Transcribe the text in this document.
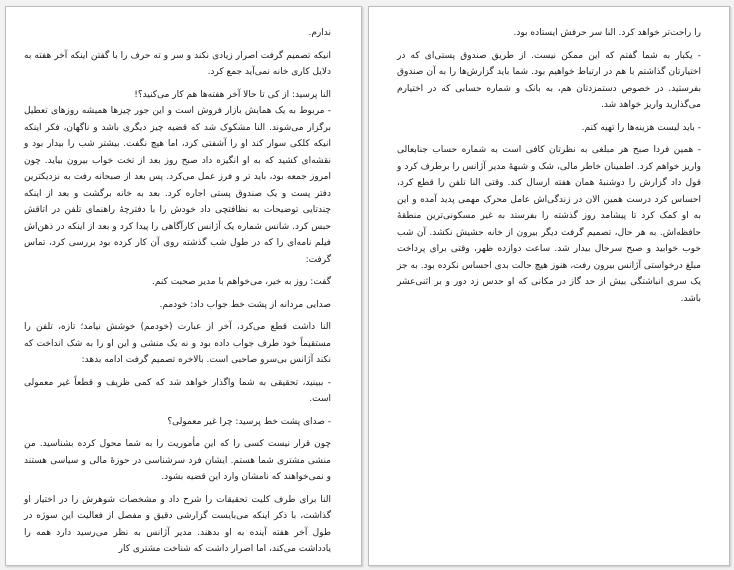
ندارم.

انیکه تصمیم گرفت اصرار زیادی نکند و سر و ته حرف را با گفتن اینکه آخر هفته به دلایل کاری خانه نمی‌آید جمع کرد.

النا پرسید: از کی تا حالا آخر هفته‌ها هم کار می‌کنید؟!

- مربوط به یک همایش بازار فروش است و این جور چیزها همیشه روزهای تعطیل برگزار می‌شوند. النا مشکوک شد که قضیه چیز دیگری باشد و ناگهان، فکر اینکه انیکه کلکی سوار کند او را آشفتی کرد، اما هیچ نگفت. بیشتر شب را بیدار بود و نقشه‌ای کشید که به او انگیزه داد صبح روز بعد از تخت خواب بیرون بیاید. چون امروز جمعه بود، باید تر و فرز عمل می‌کرد. پس بعد از صبحانه رفت به نزدیکترین دفتر پست و یک صندوق پستی اجاره کرد. بعد به خانه برگشت و بعد از اینکه چندتایی توضیحات به نظافتچی داد خودش را با دفترچهٔ راهنمای تلفن در اتاقش حبس کرد. شانس شماره یک آژانس کارآگاهی را پیدا کرد و بعد از اینکه در ذهن‌اش فیلم نامه‌ای را که در طول شب گذشته روی آن کار کرده بود بررسی کرد، تماس گرفت:

گفت: روز به خیر، می‌خواهم با مدیر صحبت کنم.

صدایی مردانه از پشت خط جواب داد: خودمم.

النا داشت قطع می‌کرد، آخر از عبارت (خودمم) خوشش نیامد؛ تازه، تلفن را مستقیماً خود طرف جواب داده بود و نه یک منشی و این او را به شک انداخت که نکند آژانس بی‌سرو صاحبی است. بالاخره تصمیم گرفت ادامه بدهد:

- ببینید، تحقیقی به شما واگذار خواهد شد که کمی ظریف و قطعاً غیر معمولی است.

- صدای پشت خط پرسید: چرا غیر معمولی؟

چون قرار نیست کسی را که این مأموریت را به شما محول کرده بشناسید. من منشی مشتری شما هستم. ایشان فرد سرشناسی در حوزهٔ مالی و سیاسی هستند و نمی‌خواهند که نامشان وارد این قضیه بشود.

النا برای طرف کلیت تحقیقات را شرح داد و مشخصات شوهرش را در اختیار او گذاشت، با ذکر اینکه می‌بایست گزارشی دقیق و مفصل از فعالیت این سوژه در طول آخر هفته آینده به او بدهند. مدیر آژانس به نظر می‌رسید دارد همه را یادداشت می‌کند، اما اصرار داشت که شناخت مشتری کار

را راحت‌تر خواهد کرد. النا سر حرفش ایستاده بود.

- یکبار به شما گفتم که این ممکن نیست. از طریق صندوق پستی‌ای که در اختیارتان گذاشتم با هم در ارتباط خواهیم بود. شما باید گزارش‌ها را به آن صندوق بفرستید. در خصوص دستمزدتان هم، به بانک و شماره حسابی که در اختیارم می‌گذارید واریز خواهد شد.

- باید لیست هزینه‌ها را تهیه کنم.

- همین فردا صبح هر مبلغی به نظرتان کافی است به شماره حساب جنابعالی واریز خواهم کرد. اطمینان خاطر مالی، شک و شبههٔ مدیر آژانس را برطرف کرد و قول داد گزارش را دوشنبهٔ همان هفته ارسال کند. وقتی النا تلفن را قطع کرد، احساس کرد درست همین الان در زندگی‌اش عامل محرک مهمی پدید آمده و این به او کمک کرد تا پیشامد روز گذشته را بفرستد به غیر مسکونی‌ترین منطقهٔ حافظه‌اش. به هر حال، تصمیم گرفت دیگر بیرون از خانه حشیش نکشد. آن شب خوب خوابید و صبح سرحال بیدار شد. ساعت دوازده ظهر، وقتی برای پرداخت مبلغ درخواستی آژانس بیرون رفت، هنوز هیچ حالت بدی احساس نکرده بود. به جز یک سری انباشتگی بیش از حد گاز در مکانی که او حدس زد دور و بر اثنی‌عشر باشد.
